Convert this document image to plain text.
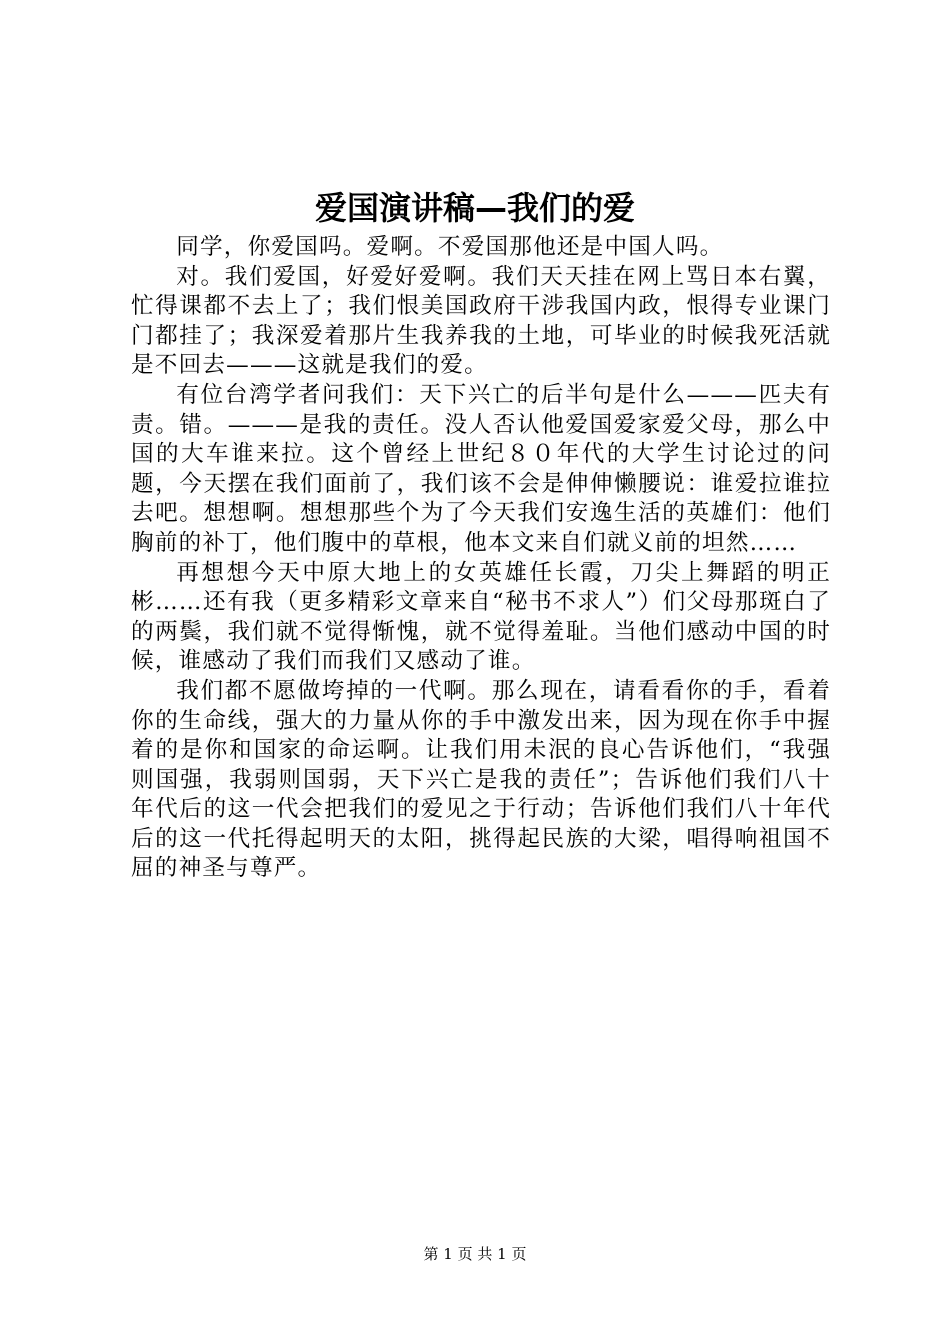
爱国演讲稿—我们的爱

同学，你爱国吗。爱啊。不爱国那他还是中国人吗。

对。我们爱国，好爱好爱啊。我们天天挂在网上骂日本右翼，忙得课都不去上了；我们恨美国政府干涉我国内政，恨得专业课门门都挂了；我深爱着那片生我养我的土地，可毕业的时候我死活就是不回去———这就是我们的爱。

有位台湾学者问我们：天下兴亡的后半句是什么———匹夫有责。错。———是我的责任。没人否认他爱国爱家爱父母，那么中国的大车谁来拉。这个曾经上世纪８０年代的大学生讨论过的问题，今天摆在我们面前了，我们该不会是伸伸懒腰说：谁爱拉谁拉去吧。想想啊。想想那些个为了今天我们安逸生活的英雄们：他们胸前的补丁，他们腹中的草根，他本文来自们就义前的坦然……

再想想今天中原大地上的女英雄任长霞，刀尖上舞蹈的明正彬……还有我（更多精彩文章来自“秘书不求人”）们父母那斑白了的两鬓，我们就不觉得惭愧，就不觉得羞耻。当他们感动中国的时候，谁感动了我们而我们又感动了谁。

我们都不愿做垮掉的一代啊。那么现在，请看看你的手，看着你的生命线，强大的力量从你的手中激发出来，因为现在你手中握着的是你和国家的命运啊。让我们用未泯的良心告诉他们，“我强则国强，我弱则国弱，天下兴亡是我的责任”；告诉他们我们八十年代后的这一代会把我们的爱见之于行动；告诉他们我们八十年代后的这一代托得起明天的太阳，挑得起民族的大梁，唱得响祖国不屈的神圣与尊严。

第 1 页 共 1 页
